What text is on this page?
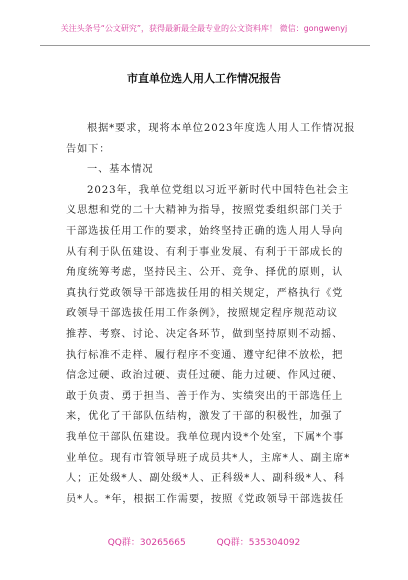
关注头条号“公文研究”，获得最新最全最专业的公文资料库！ 微信：gongwenyj
市直单位选人用人工作情况报告
根据*要求，现将本单位2023年度选人用人工作情况报
告如下：
一、基本情况
2023年，我单位党组以习近平新时代中国特色社会主
义思想和党的二十大精神为指导，按照党委组织部门关于
干部选拔任用工作的要求，始终坚持正确的选人用人导向
从有利于队伍建设、有利于事业发展、有利于干部成长的
角度统筹考虑，坚持民主、公开、竞争、择优的原则，认
真执行党政领导干部选拔任用的相关规定，严格执行《党
政领导干部选拔任用工作条例》，按照规定程序规范动议
推荐、考察、讨论、决定各环节，做到坚持原则不动摇、
执行标准不走样、履行程序不变通、遵守纪律不放松，把
信念过硬、政治过硬、责任过硬、能力过硬、作风过硬、
敢于负责、勇于担当、善于作为、实绩突出的干部选任上
来，优化了干部队伍结构，激发了干部的积极性，加强了
我单位干部队伍建设。我单位现内设*个处室，下属*个事
业单位。现有市管领导班子成员共*人，主席*人、副主席*
人；正处级*人、副处级*人、正科级*人、副科级*人、科
员*人。*年，根据工作需要，按照《党政领导干部选拔任
QQ群：30265665	QQ群：535304092
